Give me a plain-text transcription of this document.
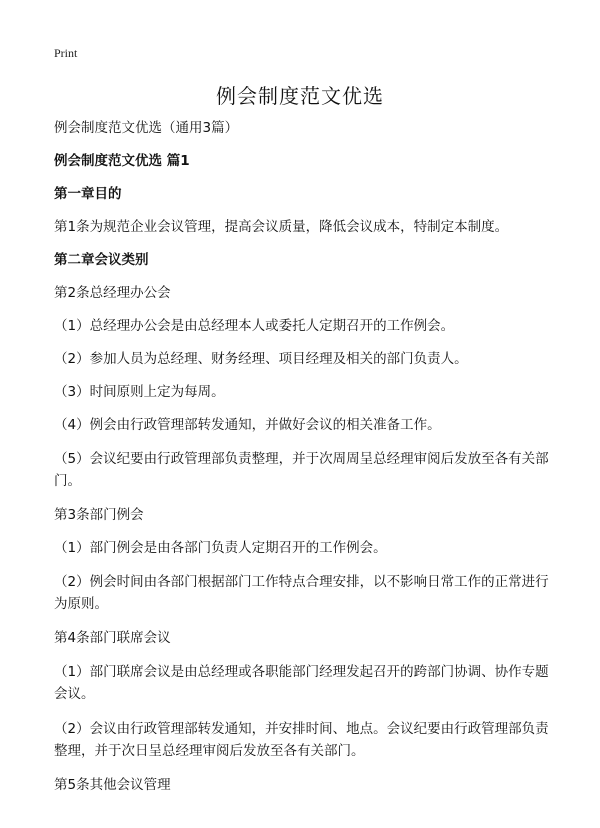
Print
例会制度范文优选

例会制度范文优选（通用3篇）

例会制度范文优选 篇1

第一章目的

第1条为规范企业会议管理，提高会议质量，降低会议成本，特制定本制度。

第二章会议类别

第2条总经理办公会

（1）总经理办公会是由总经理本人或委托人定期召开的工作例会。

（2）参加人员为总经理、财务经理、项目经理及相关的部门负责人。

（3）时间原则上定为每周。

（4）例会由行政管理部转发通知，并做好会议的相关准备工作。

（5）会议纪要由行政管理部负责整理，并于次周周呈总经理审阅后发放至各有关部门。

第3条部门例会

（1）部门例会是由各部门负责人定期召开的工作例会。

（2）例会时间由各部门根据部门工作特点合理安排，以不影响日常工作的正常进行为原则。

第4条部门联席会议

（1）部门联席会议是由总经理或各职能部门经理发起召开的跨部门协调、协作专题会议。

（2）会议由行政管理部转发通知，并安排时间、地点。会议纪要由行政管理部负责整理，并于次日呈总经理审阅后发放至各有关部门。

第5条其他会议管理
